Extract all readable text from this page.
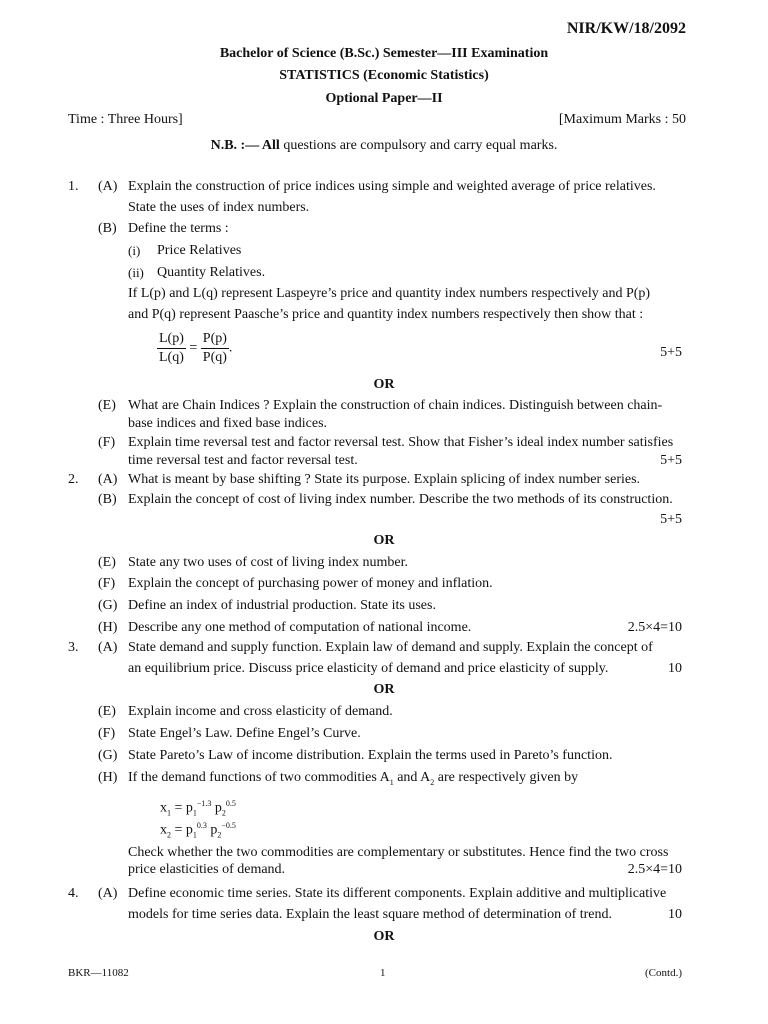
NIR/KW/18/2092
Bachelor of Science (B.Sc.) Semester—III Examination
STATISTICS (Economic Statistics)
Optional Paper—II
Time : Three Hours]	[Maximum Marks : 50
N.B. :— All questions are compulsory and carry equal marks.
1. (A) Explain the construction of price indices using simple and weighted average of price relatives.
State the uses of index numbers.
(B) Define the terms :
(i) Price Relatives
(ii) Quantity Relatives.
If L(p) and L(q) represent Laspeyre’s price and quantity index numbers respectively and P(p)
and P(q) represent Paasche’s price and quantity index numbers respectively then show that :
$\frac{L(p)}{L(q)} = \frac{P(p)}{P(q)}$ .	5+5
OR
(E) What are Chain Indices ? Explain the construction of chain indices. Distinguish between chain-
base indices and fixed base indices.
(F) Explain time reversal test and factor reversal test. Show that Fisher’s ideal index number satisfies
time reversal test and factor reversal test.	5+5
2. (A) What is meant by base shifting ? State its purpose. Explain splicing of index number series.
(B) Explain the concept of cost of living index number. Describe the two methods of its construction.
5+5
OR
(E) State any two uses of cost of living index number.
(F) Explain the concept of purchasing power of money and inflation.
(G) Define an index of industrial production. State its uses.
(H) Describe any one method of computation of national income.	2.5×4=10
3. (A) State demand and supply function. Explain law of demand and supply. Explain the concept of
an equilibrium price. Discuss price elasticity of demand and price elasticity of supply.	10
OR
(E) Explain income and cross elasticity of demand.
(F) State Engel’s Law. Define Engel’s Curve.
(G) State Pareto’s Law of income distribution. Explain the terms used in Pareto’s function.
(H) If the demand functions of two commodities $A_1$ and $A_2$ are respectively given by
$x_1 = p_1^{-1.3}$ $p_2^{0.5}$
$x_2 = p_1^{0.3}$ $p_2^{-0.5}$
Check whether the two commodities are complementary or substitutes. Hence find the two cross
price elasticities of demand.	2.5×4=10
4. (A) Define economic time series. State its different components. Explain additive and multiplicative
models for time series data. Explain the least square method of determination of trend.	10
OR
BKR—11082	1	(Contd.)
